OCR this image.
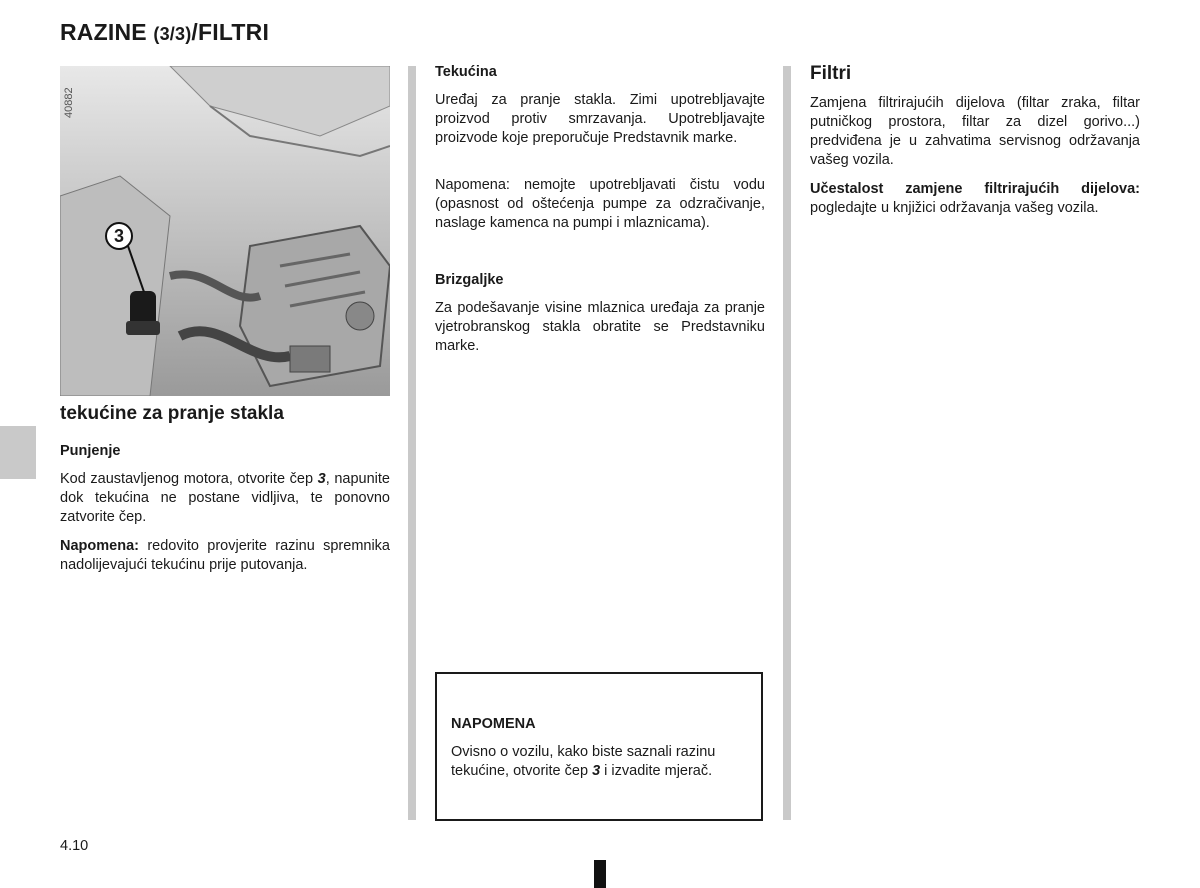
RAZINE (3/3)/FILTRI
3
40882
tekućine za pranje stakla
Punjenje

Kod zaustavljenog motora, otvorite čep 3, napunite dok tekućina ne postane vidljiva, te ponovno zatvorite čep.

Napomena: redovito provjerite razinu spremnika nadolijevajući tekućinu prije putovanja.

Tekućina

Uređaj za pranje stakla. Zimi upotrebljavajte proizvod protiv smrzavanja. Upotrebljavajte proizvode koje preporučuje Predstavnik marke.

Napomena: nemojte upotrebljavati čistu vodu (opasnost od oštećenja pumpe za odzračivanje, naslage kamenca na pumpi i mlaznicama).

Brizgaljke

Za podešavanje visine mlaznica uređaja za pranje vjetrobranskog stakla obratite se Predstavniku marke.

NAPOMENA
Ovisno o vozilu, kako biste saznali razinu tekućine, otvorite čep 3 i izvadite mjerač.
Filtri

Zamjena filtrirajućih dijelova (filtar zraka, filtar putničkog prostora, filtar za dizel gorivo...) predviđena je u zahvatima servisnog održavanja vašeg vozila.

Učestalost zamjene filtrirajućih dijelova: pogledajte u knjižici održavanja vašeg vozila.

4.10
